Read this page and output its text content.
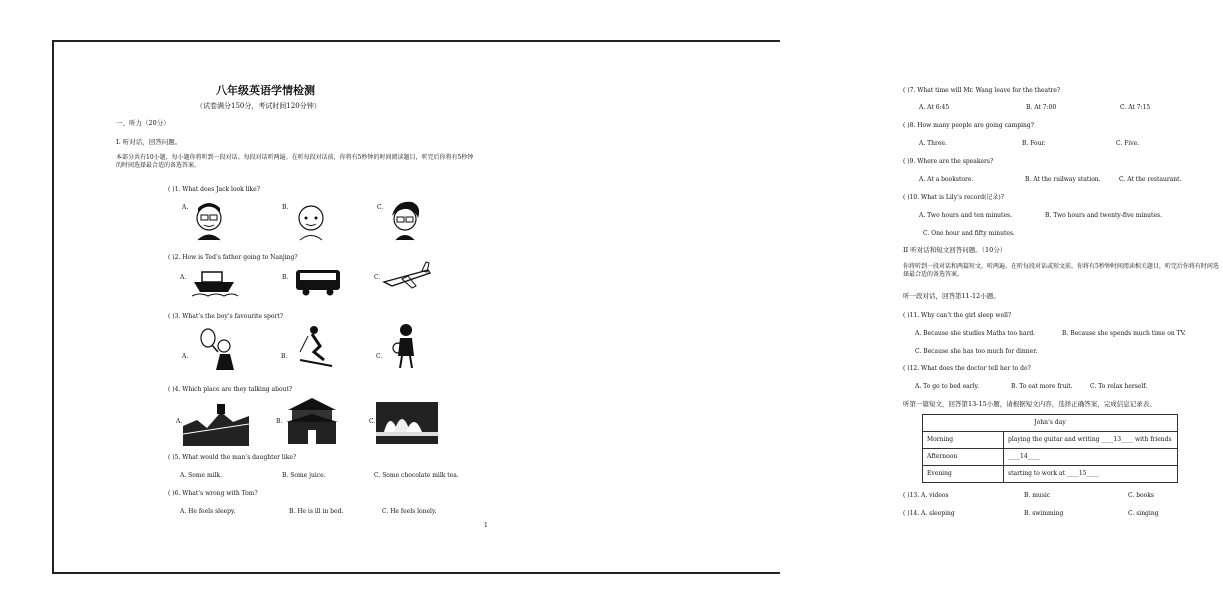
八年级英语学情检测
（试卷满分150分，考试时间120分钟）
一、听力（20分）
I. 听对话，回答问题。
本部分共有10小题，每小题你将听到一段对话。每段对话听两遍。在听每段对话前，你将有5秒钟的时间阅读题目，听完后你将有5秒钟的时间选择最合适的备选答案。
( )1. What does Jack look like?
A.	B.	C.
( )2. How is Ted’s father going to Nanjing?
A.	B.	C.
( )3. What’s the boy’s favourite sport?
A.	B.	C.
( )4. Which place are they talking about?
A.	B.	C.
( )5. What would the man’s daughter like?
A. Some milk.	B. Some juice.	C. Some chocolate milk tea.
( )6. What’s wrong with Tom?
A. He feels sleepy.	B. He is ill in bed.	C. He feels lonely.
1
( )7. What time will Mr. Wang leave for the theatre?
A. At 6:45	B. At 7:00	C. At 7:15
( )8. How many people are going camping?
A. Three.	B. Four.	C. Five.
( )9. Where are the speakers?
A. At a bookstore.	B. At the railway station.	C. At the restaurant.
( )10. What is Lily’s record(记录)?
A. Two hours and ten minutes.	B. Two hours and twenty-five minutes.
C. One hour and fifty minutes.
II 听对话和短文回答问题。（10分）
你将听到一段对话和两篇短文，听两遍。在听每段对话或短文前，你将有5秒钟时间阅读相关题目，听完后你将有时间选择最合适的备选答案。
听一段对话，回答第11-12小题。
( )11. Why can’t the girl sleep well?
A. Because she studies Maths too hard.	B. Because she spends much time on TV.
C. Because she has too much for dinner.
( )12. What does the doctor tell her to do?
A. To go to bed early.	B. To eat more fruit.	C. To relax herself.
听第一篇短文，回答第13-15小题，请根据短文内容，选择正确答案，完成信息记录表。
John’s day	
Morning	playing the guitar and writing ____13____ with friends
Afternoon	____14____
Evening	starting to work at ____15____
( )13. A. videos	B. music	C. books
( )14. A. sleeping	B. swimming	C. singing
